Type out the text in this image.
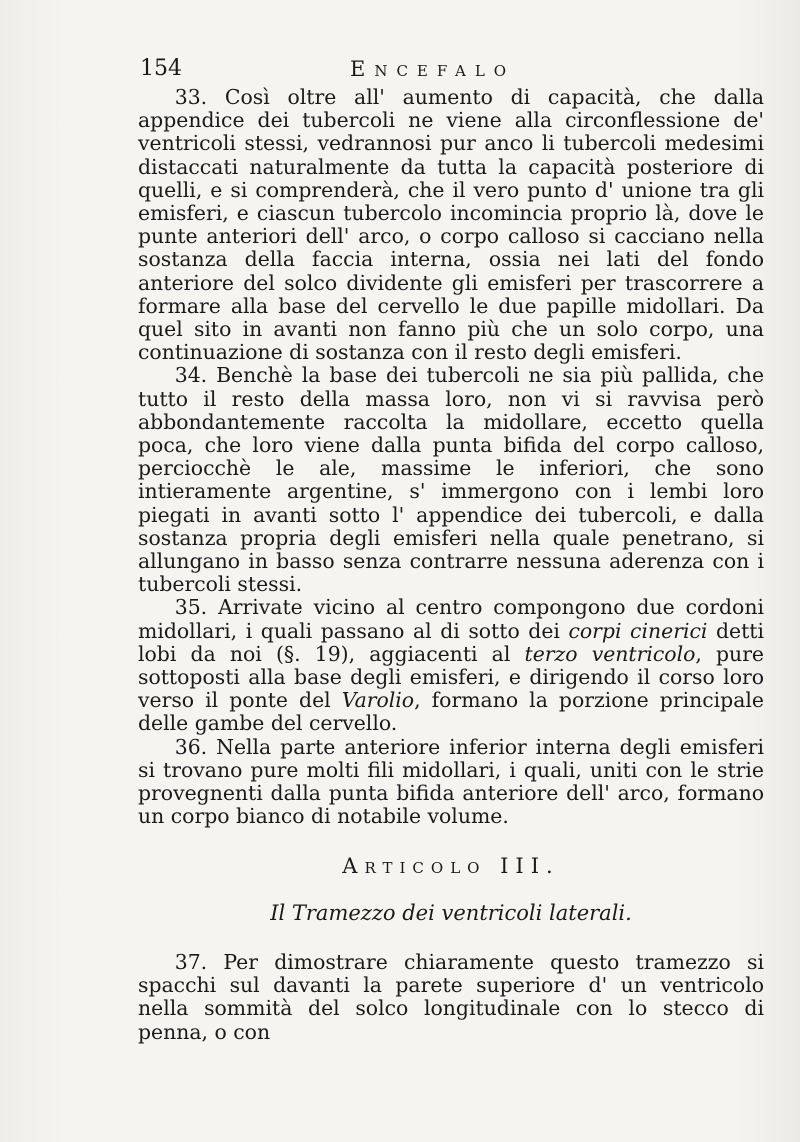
154	Encefalo

33. Così oltre all' aumento di capacità, che dalla appendice dei tubercoli ne viene alla circonflessione de' ventricoli stessi, vedrannosi pur anco li tubercoli medesimi distaccati naturalmente da tutta la capacità posteriore di quelli, e si comprenderà, che il vero punto d' unione tra gli emisferi, e ciascun tubercolo incomincia proprio là, dove le punte anteriori dell' arco, o corpo calloso si cacciano nella sostanza della faccia interna, ossia nei lati del fondo anteriore del solco dividente gli emisferi per trascorrere a formare alla base del cervello le due papille midollari. Da quel sito in avanti non fanno più che un solo corpo, una continuazione di sostanza con il resto degli emisferi.

34. Benchè la base dei tubercoli ne sia più pallida, che tutto il resto della massa loro, non vi si ravvisa però abbondantemente raccolta la midollare, eccetto quella poca, che loro viene dalla punta bifida del corpo calloso, perciocchè le ale, massime le inferiori, che sono intieramente argentine, s' immergono con i lembi loro piegati in avanti sotto l' appendice dei tubercoli, e dalla sostanza propria degli emisferi nella quale penetrano, si allungano in basso senza contrarre nessuna aderenza con i tubercoli stessi.

35. Arrivate vicino al centro compongono due cordoni midollari, i quali passano al di sotto dei corpi cinerici detti lobi da noi (§. 19), aggiacenti al terzo ventricolo, pure sottoposti alla base degli emisferi, e dirigendo il corso loro verso il ponte del Varolio, formano la porzione principale delle gambe del cervello.

36. Nella parte anteriore inferior interna degli emisferi si trovano pure molti fili midollari, i quali, uniti con le strie provegnenti dalla punta bifida anteriore dell' arco, formano un corpo bianco di notabile volume.

Articolo III.
Il Tramezzo dei ventricoli laterali.

37. Per dimostrare chiaramente questo tramezzo si spacchi sul davanti la parete superiore d' un ventricolo nella sommità del solco longitudinale con lo stecco di penna, o con
